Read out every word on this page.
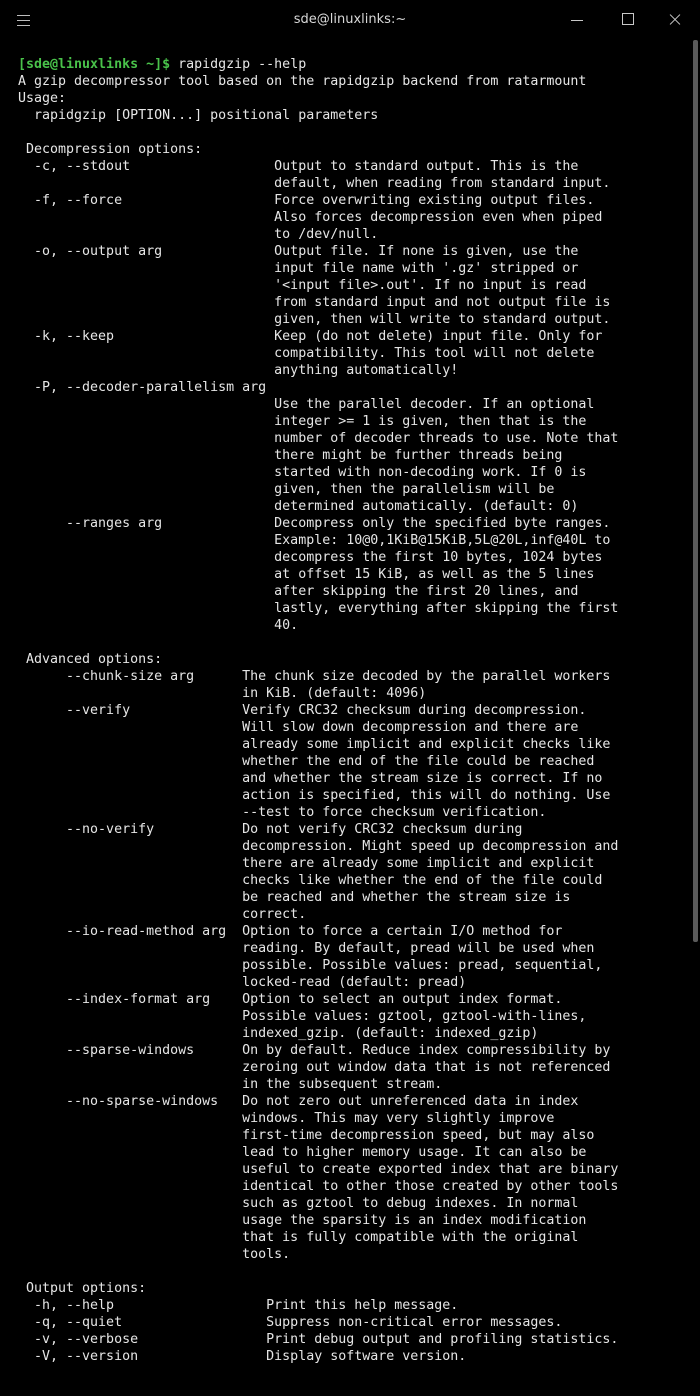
sde@linuxlinks:~
[sde@linuxlinks ~]$ rapidgzip --help
A gzip decompressor tool based on the rapidgzip backend from ratarmount
Usage:
rapidgzip [OPTION...] positional parameters
Decompression options:
-c, --stdout                  Output to standard output. This is the
default, when reading from standard input.
-f, --force                   Force overwriting existing output files.
Also forces decompression even when piped
to /dev/null.
-o, --output arg              Output file. If none is given, use the
input file name with '.gz' stripped or
'<input file>.out'. If no input is read
from standard input and not output file is
given, then will write to standard output.
-k, --keep                    Keep (do not delete) input file. Only for
compatibility. This tool will not delete
anything automatically!
-P, --decoder-parallelism arg
Use the parallel decoder. If an optional
integer >= 1 is given, then that is the
number of decoder threads to use. Note that
there might be further threads being
started with non-decoding work. If 0 is
given, then the parallelism will be
determined automatically. (default: 0)
--ranges arg              Decompress only the specified byte ranges.
Example: 10@0,1KiB@15KiB,5L@20L,inf@40L to
decompress the first 10 bytes, 1024 bytes
at offset 15 KiB, as well as the 5 lines
after skipping the first 20 lines, and
lastly, everything after skipping the first
40.
Advanced options:
--chunk-size arg      The chunk size decoded by the parallel workers
in KiB. (default: 4096)
--verify              Verify CRC32 checksum during decompression.
Will slow down decompression and there are
already some implicit and explicit checks like
whether the end of the file could be reached
and whether the stream size is correct. If no
action is specified, this will do nothing. Use
--test to force checksum verification.
--no-verify           Do not verify CRC32 checksum during
decompression. Might speed up decompression and
there are already some implicit and explicit
checks like whether the end of the file could
be reached and whether the stream size is
correct.
--io-read-method arg  Option to force a certain I/O method for
reading. By default, pread will be used when
possible. Possible values: pread, sequential,
locked-read (default: pread)
--index-format arg    Option to select an output index format.
Possible values: gztool, gztool-with-lines,
indexed_gzip. (default: indexed_gzip)
--sparse-windows      On by default. Reduce index compressibility by
zeroing out window data that is not referenced
in the subsequent stream.
--no-sparse-windows   Do not zero out unreferenced data in index
windows. This may very slightly improve
first-time decompression speed, but may also
lead to higher memory usage. It can also be
useful to create exported index that are binary
identical to other those created by other tools
such as gztool to debug indexes. In normal
usage the sparsity is an index modification
that is fully compatible with the original
tools.
Output options:
-h, --help                   Print this help message.
-q, --quiet                  Suppress non-critical error messages.
-v, --verbose                Print debug output and profiling statistics.
-V, --version                Display software version.
